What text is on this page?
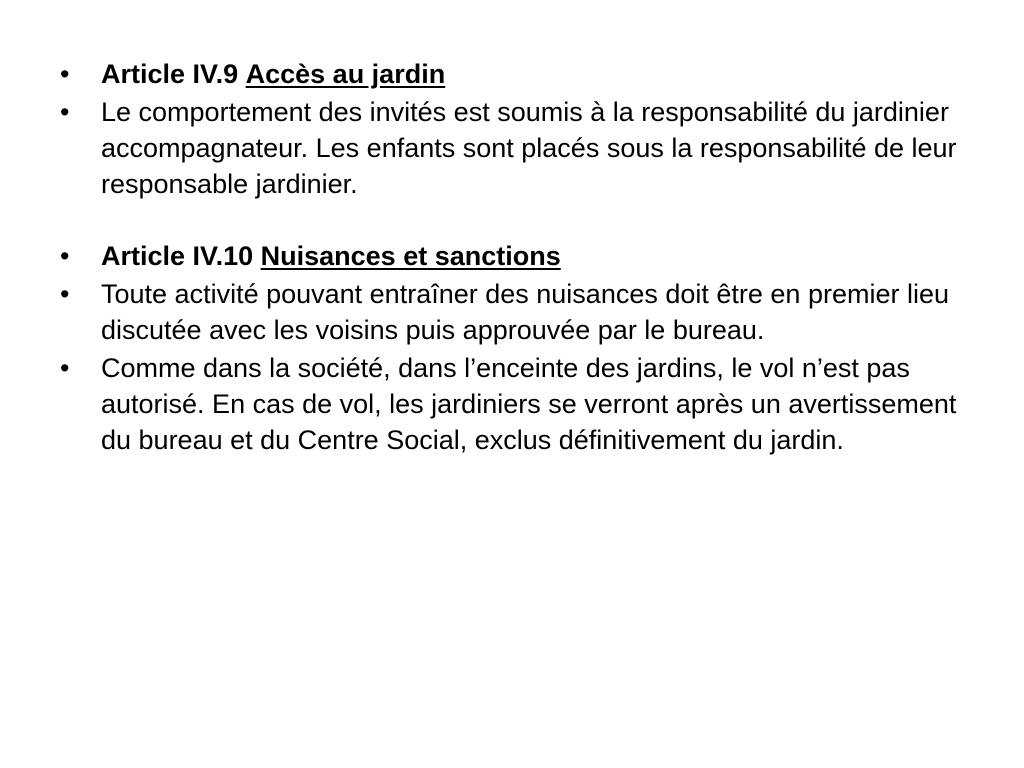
•	Article IV.9 Accès au jardin
•	Le comportement des invités est soumis à la responsabilité du jardinier accompagnateur. Les enfants sont placés sous la responsabilité de leur responsable jardinier.
•	Article IV.10 Nuisances et sanctions
•	Toute activité pouvant entraîner des nuisances doit être en premier lieu discutée avec les voisins puis approuvée par le bureau.
•	Comme dans la société, dans l’enceinte des jardins, le vol n’est pas autorisé. En cas de vol, les jardiniers se verront après un avertissement du bureau et du Centre Social, exclus définitivement du jardin.
